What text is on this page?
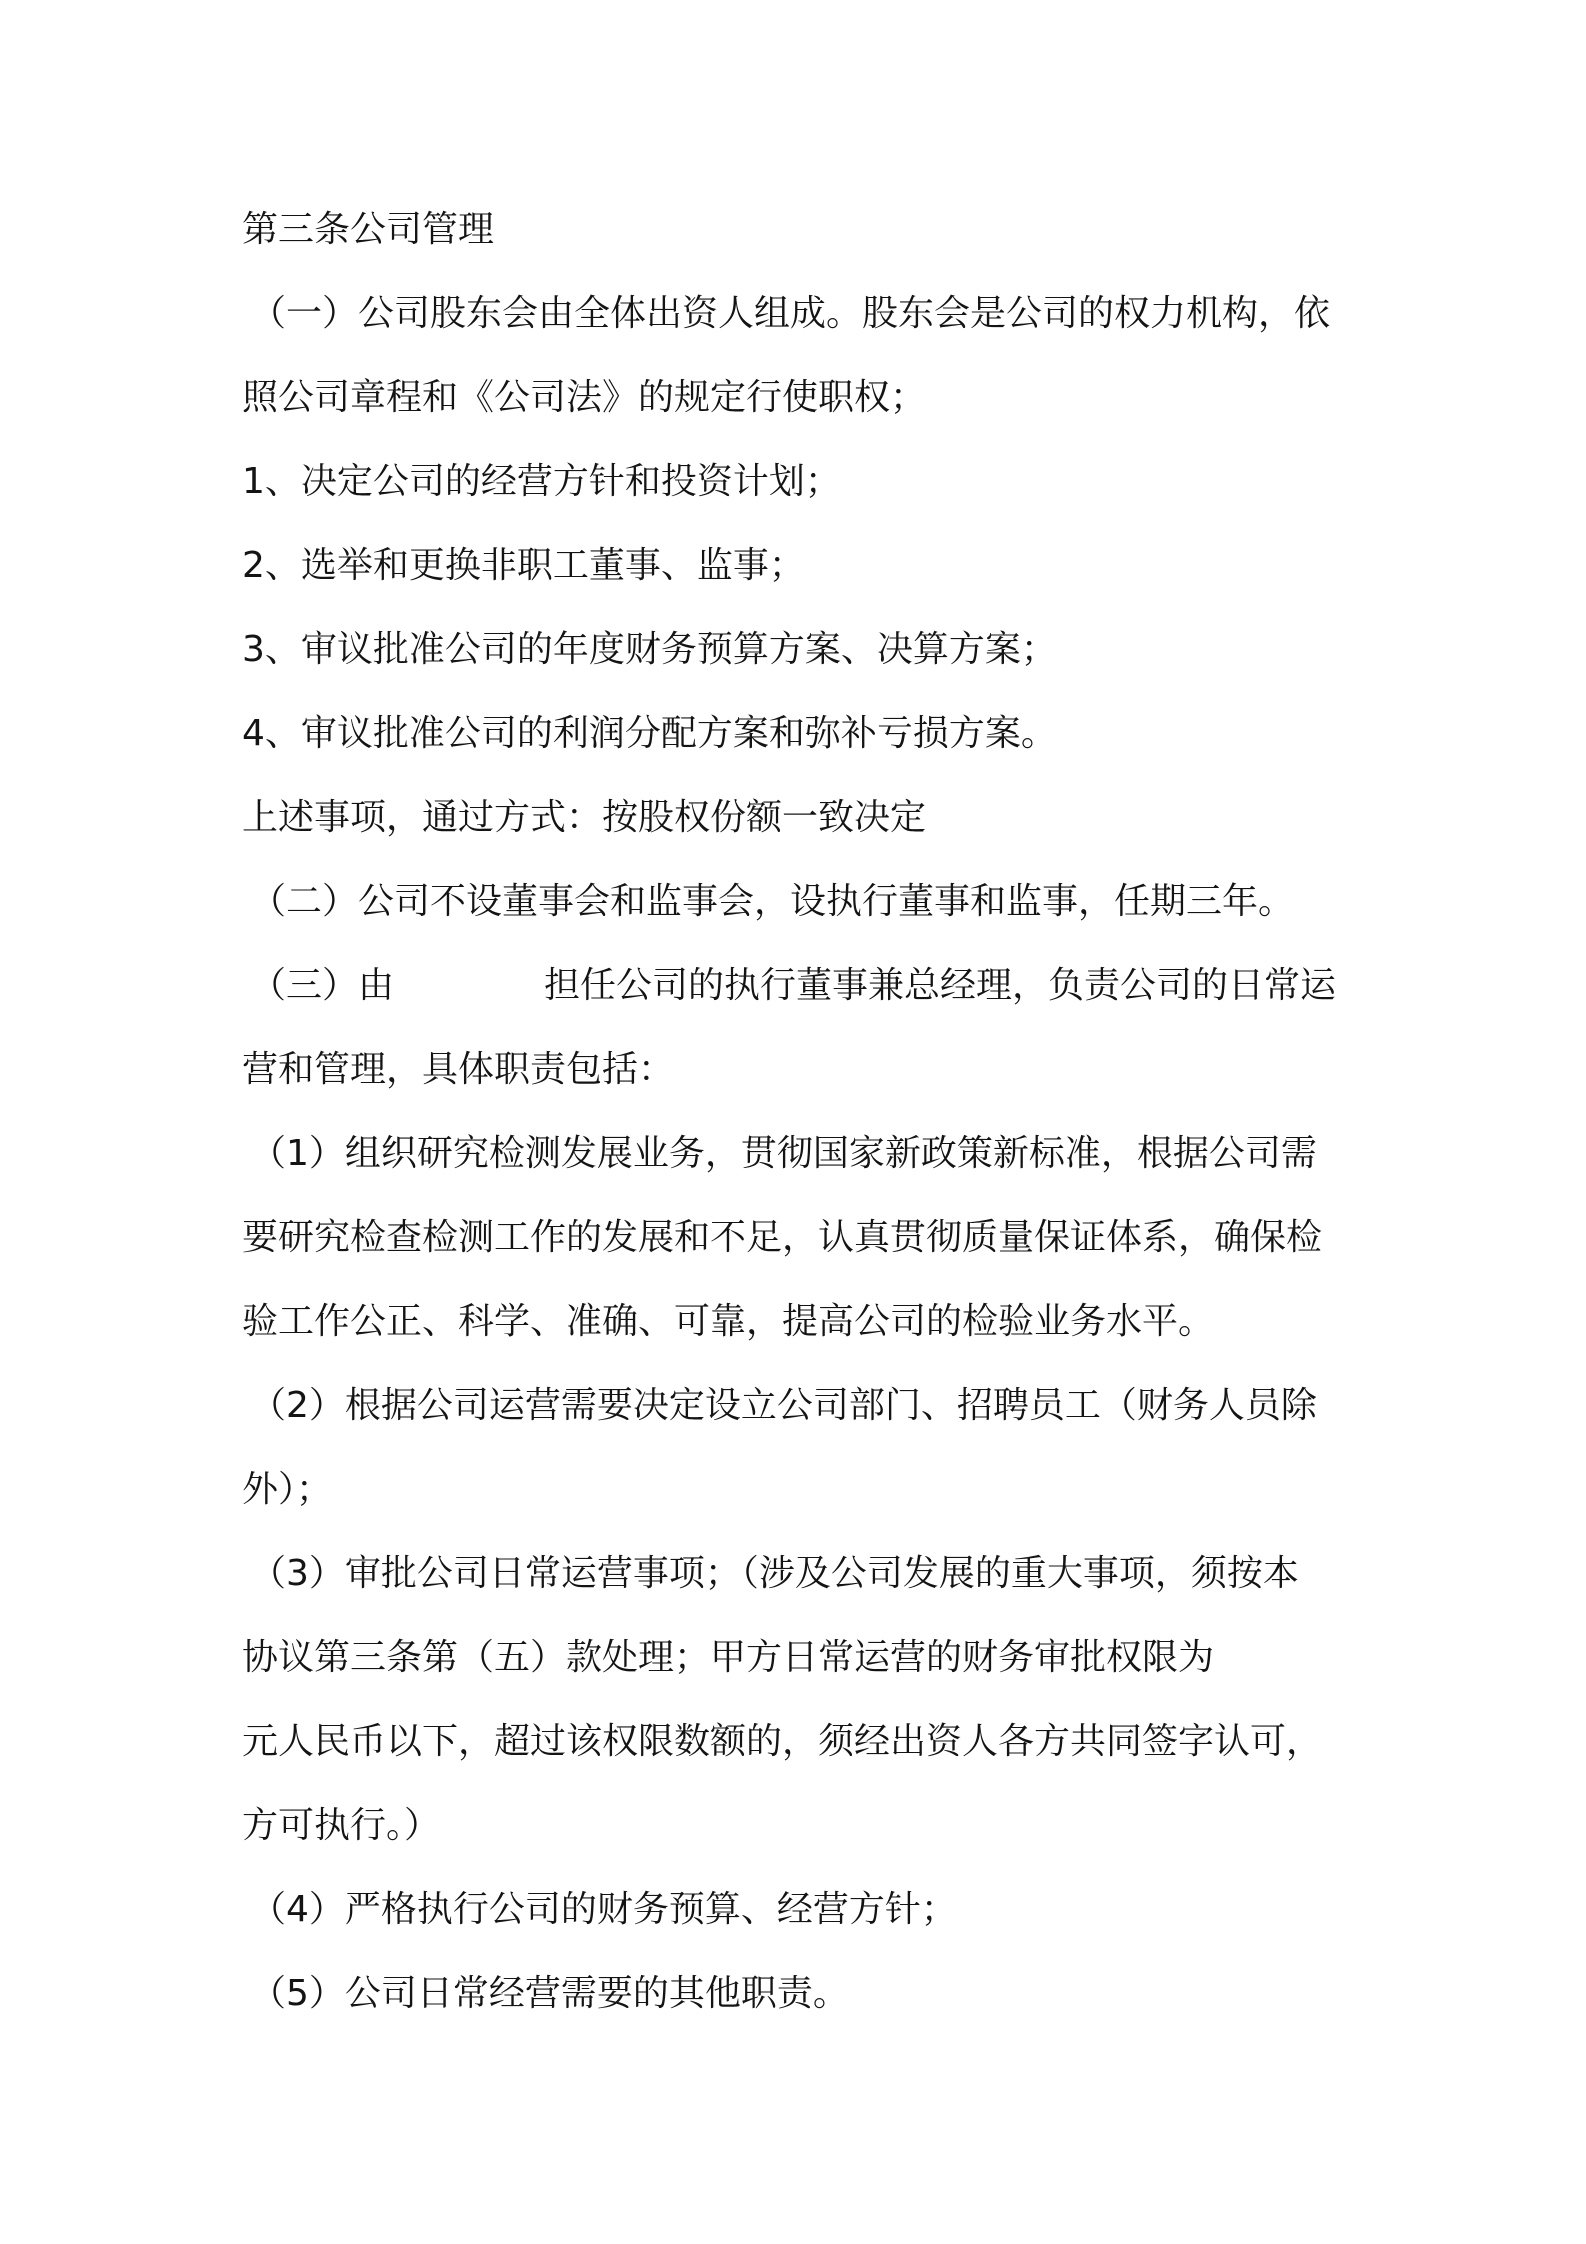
第三条公司管理
（一）公司股东会由全体出资人组成。股东会是公司的权力机构，依
照公司章程和《公司法》的规定行使职权；
1、决定公司的经营方针和投资计划；
2、选举和更换非职工董事、监事；
3、审议批准公司的年度财务预算方案、决算方案；
4、审议批准公司的利润分配方案和弥补亏损方案。
上述事项，通过方式：按股权份额一致决定
（二）公司不设董事会和监事会，设执行董事和监事，任期三年。
（三）由	担任公司的执行董事兼总经理，负责公司的日常运
营和管理，具体职责包括：
（1）组织研究检测发展业务，贯彻国家新政策新标准，根据公司需
要研究检查检测工作的发展和不足，认真贯彻质量保证体系，确保检
验工作公正、科学、准确、可靠，提高公司的检验业务水平。
（2）根据公司运营需要决定设立公司部门、招聘员工（财务人员除
外）；
（3）审批公司日常运营事项；（涉及公司发展的重大事项，须按本
协议第三条第（五）款处理；甲方日常运营的财务审批权限为
元人民币以下，超过该权限数额的，须经出资人各方共同签字认可，
方可执行。）
（4）严格执行公司的财务预算、经营方针；
（5）公司日常经营需要的其他职责。
